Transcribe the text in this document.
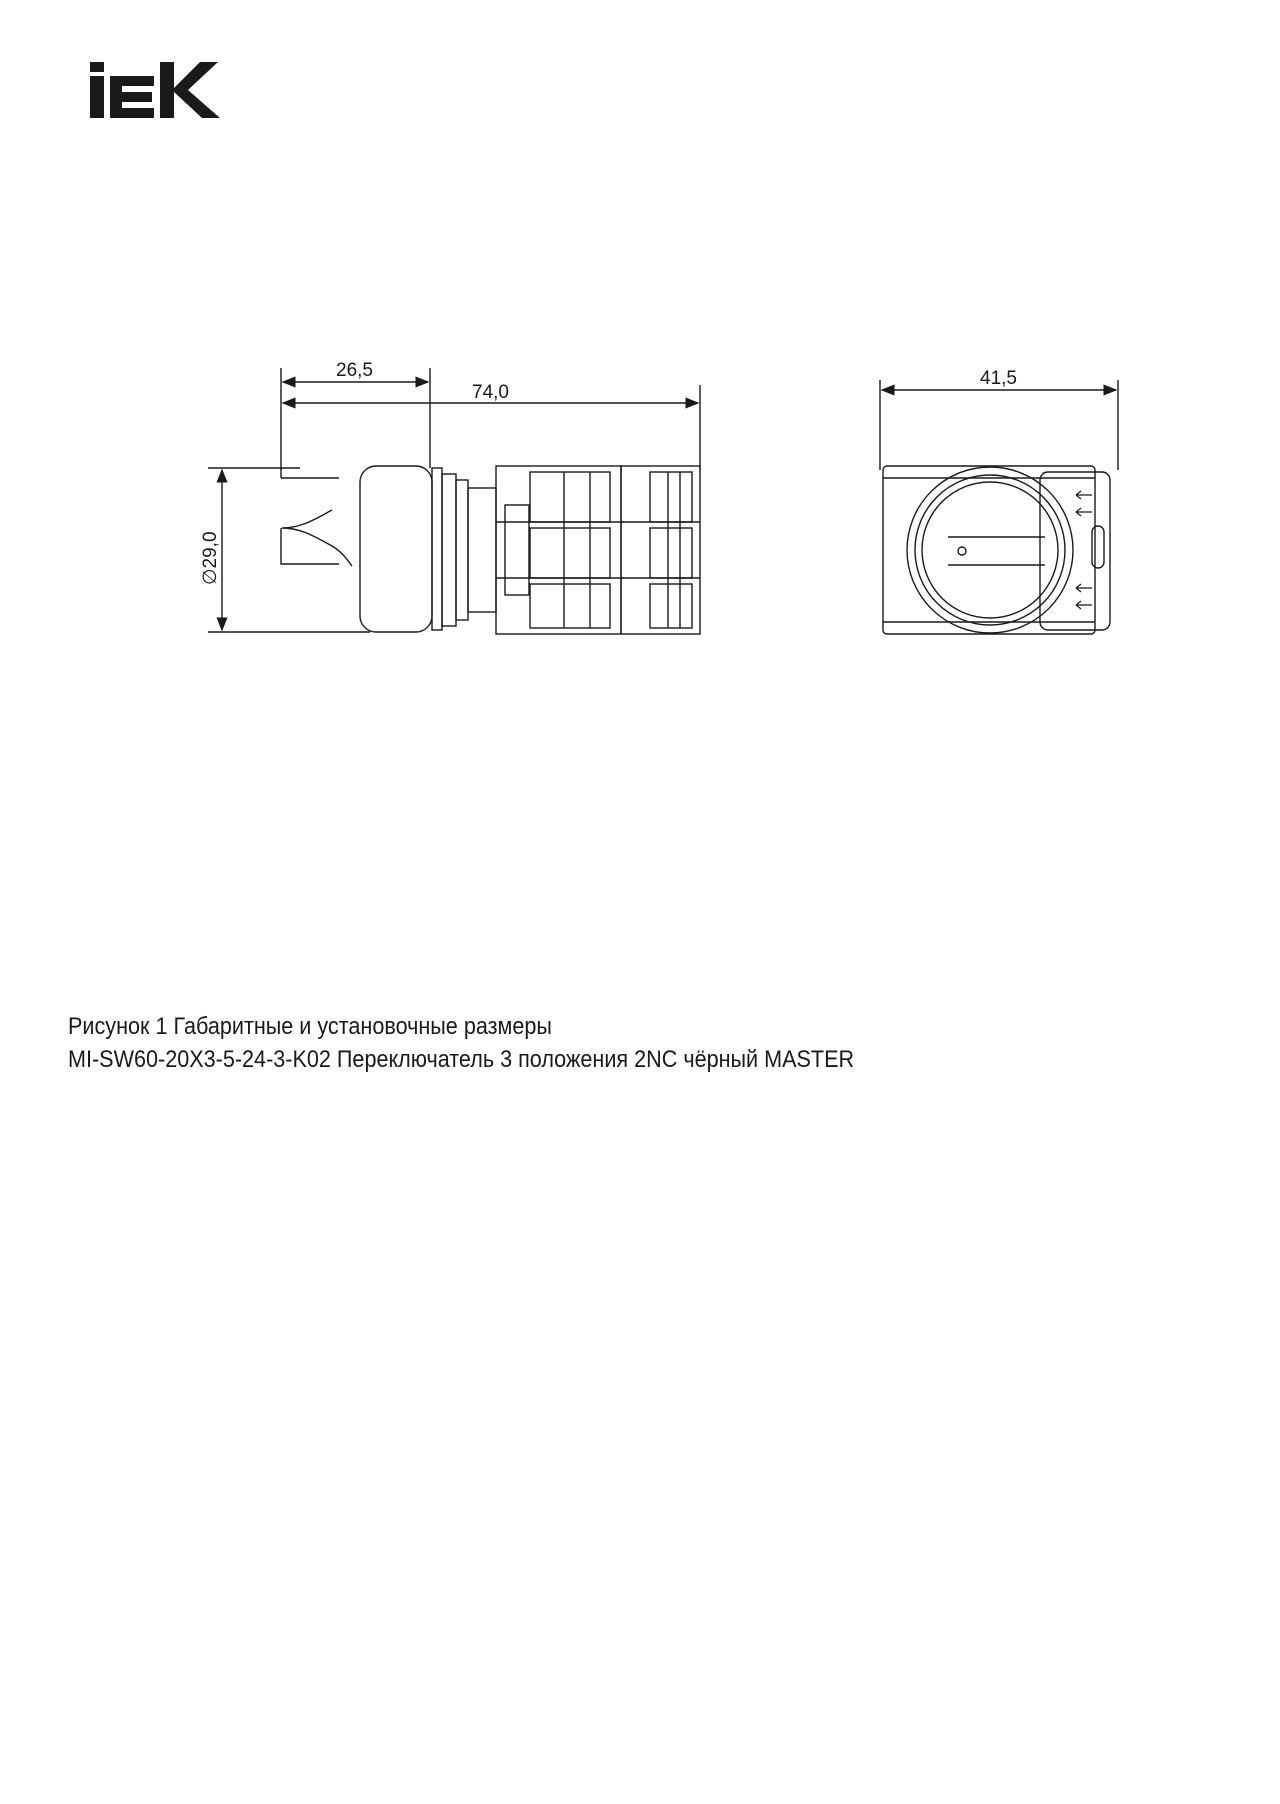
26,5
74,0
41,5
∅29,0
Рисунок 1 Габаритные и установочные размеры
MI-SW60-20X3-5-24-3-K02 Переключатель 3 положения 2NC чёрный MASTER
